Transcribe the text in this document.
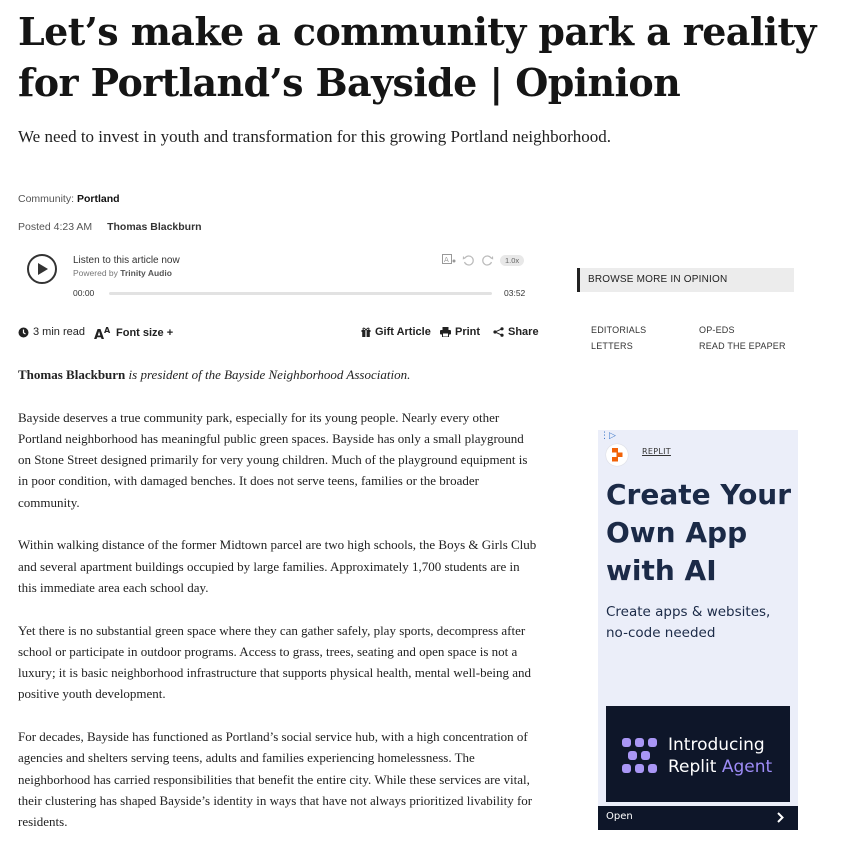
Let’s make a community park a reality for Portland’s Bayside | Opinion

We need to invest in youth and transformation for this growing Portland neighborhood.

Community: Portland
Posted 4:23 AM Thomas Blackburn
Listen to this article now
Powered by Trinity Audio
A	1.0x
00:00	03:52
3 min read A A Font size +	Gift Article Print	Share

Thomas Blackburn is president of the Bayside Neighborhood Association.

Bayside deserves a true community park, especially for its young people. Nearly every other Portland neighborhood has meaningful public green spaces. Bayside has only a small playground on Stone Street designed primarily for very young children. Much of the playground equipment is in poor condition, with damaged benches. It does not serve teens, families or the broader community.

Within walking distance of the former Midtown parcel are two high schools, the Boys & Girls Club and several apartment buildings occupied by large families. Approximately 1,700 students are in this immediate area each school day.

Yet there is no substantial green space where they can gather safely, play sports, decompress after school or participate in outdoor programs. Access to grass, trees, seating and open space is not a luxury; it is basic neighborhood infrastructure that supports physical health, mental well-being and positive youth development.

For decades, Bayside has functioned as Portland’s social service hub, with a high concentration of agencies and shelters serving teens, adults and families experiencing homelessness. The neighborhood has carried responsibilities that benefit the entire city. While these services are vital, their clustering has shaped Bayside’s identity in ways that have not always prioritized livability for residents.

BROWSE MORE IN OPINION
EDITORIALS	OP-EDS
LETTERS	READ THE EPAPER
⋮▷
REPLIT
Create Your Own App with AI

Create apps & websites, no-code needed

Introducing
Replit Agent
Open
